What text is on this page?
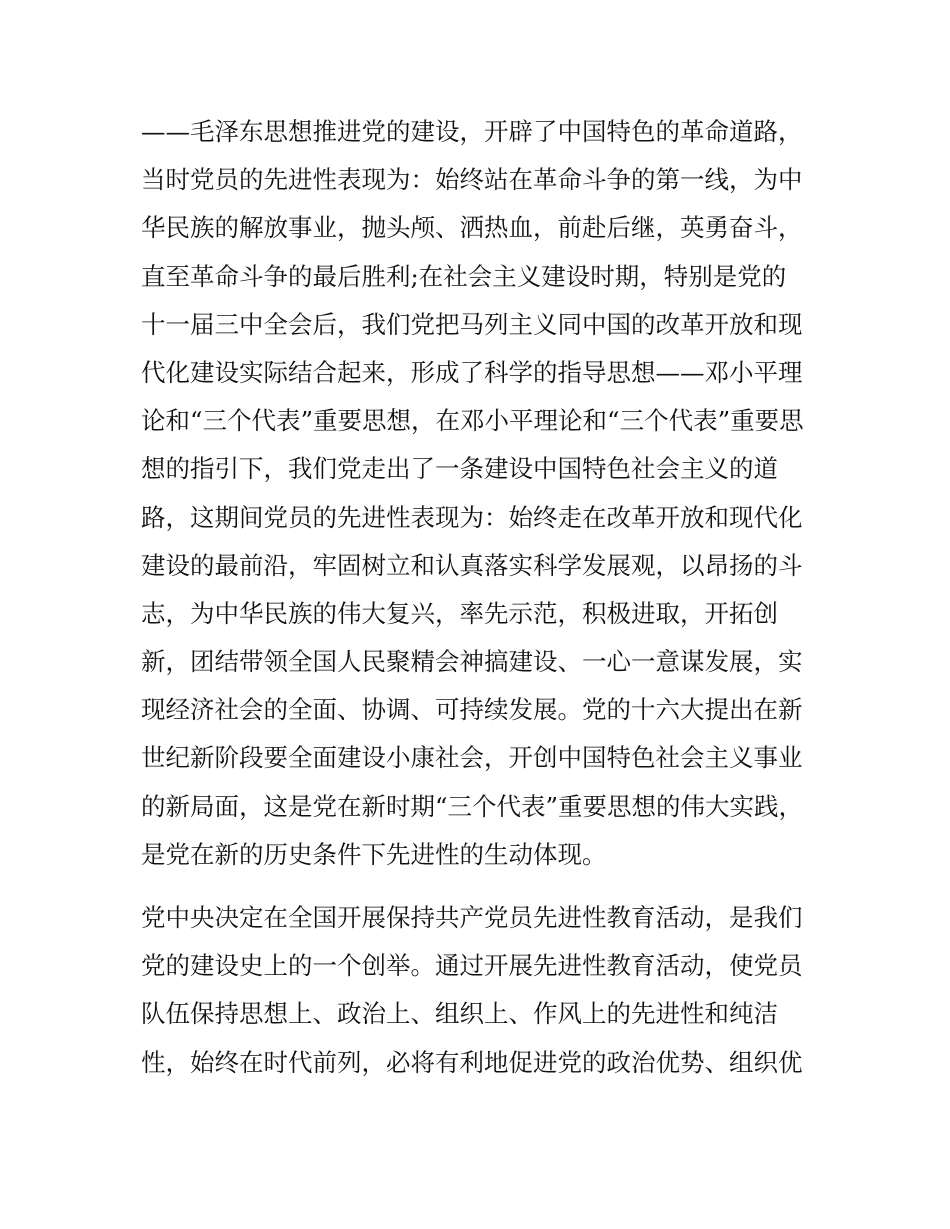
——毛泽东思想推进党的建设，开辟了中国特色的革命道路，
当时党员的先进性表现为：始终站在革命斗争的第一线，为中
华民族的解放事业，抛头颅、洒热血，前赴后继，英勇奋斗，
直至革命斗争的最后胜利;在社会主义建设时期，特别是党的
十一届三中全会后，我们党把马列主义同中国的改革开放和现
代化建设实际结合起来，形成了科学的指导思想——邓小平理
论和“三个代表”重要思想，在邓小平理论和“三个代表”重要思
想的指引下，我们党走出了一条建设中国特色社会主义的道
路，这期间党员的先进性表现为：始终走在改革开放和现代化
建设的最前沿，牢固树立和认真落实科学发展观，以昂扬的斗
志，为中华民族的伟大复兴，率先示范，积极进取，开拓创
新，团结带领全国人民聚精会神搞建设、一心一意谋发展，实
现经济社会的全面、协调、可持续发展。党的十六大提出在新
世纪新阶段要全面建设小康社会，开创中国特色社会主义事业
的新局面，这是党在新时期“三个代表”重要思想的伟大实践，
是党在新的历史条件下先进性的生动体现。
党中央决定在全国开展保持共产党员先进性教育活动，是我们
党的建设史上的一个创举。通过开展先进性教育活动，使党员
队伍保持思想上、政治上、组织上、作风上的先进性和纯洁
性，始终在时代前列，必将有利地促进党的政治优势、组织优
